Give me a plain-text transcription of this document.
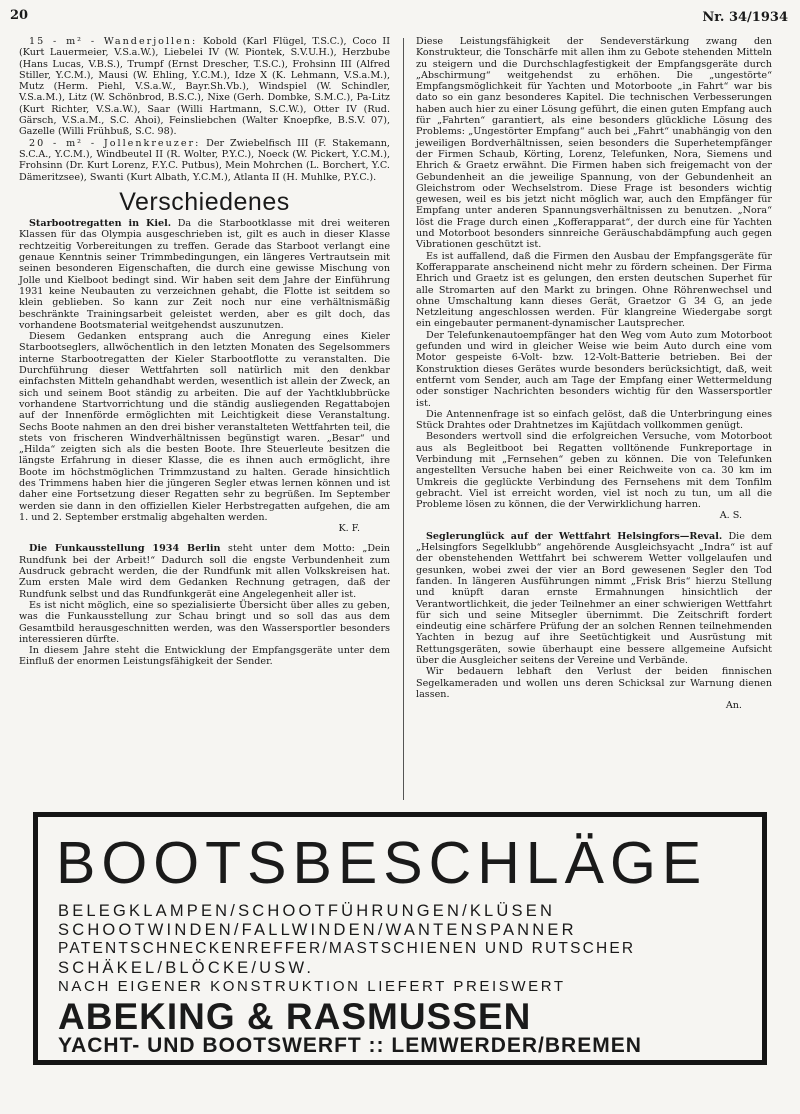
20	Nr. 34/1934

15 - m² - Wanderjollen: Kobold (Karl Flügel, T.S.C.), Coco II (Kurt Lauermeier, V.S.a.W.), Liebelei IV (W. Piontek, S.V.U.H.), Herzbube (Hans Lucas, V.B.S.), Trumpf (Ernst Drescher, T.S.C.), Frohsinn III (Alfred Stiller, Y.C.M.), Mausi (W. Ehling, Y.C.M.), Idze X (K. Lehmann, V.S.a.M.), Mutz (Herm. Piehl, V.S.a.W., Bayr.Sh.Vb.), Windspiel (W. Schindler, V.S.a.M.), Litz (W. Schönbrod, B.S.C.), Nixe (Gerh. Dombke, S.M.C.), Pa-Litz (Kurt Richter, V.S.a.W.), Saar (Willi Hartmann, S.C.W.), Otter IV (Rud. Gärsch, V.S.a.M., S.C. Ahoi), Feinsliebchen (Walter Knoepfke, B.S.V. 07), Gazelle (Willi Frühbuß, S.C. 98).

20 - m² - Jollenkreuzer: Der Zwiebelfisch III (F. Stakemann, S.C.A., Y.C.M.), Windbeutel II (R. Wolter, P.Y.C.), Noeck (W. Pickert, Y.C.M.), Frohsinn (Dr. Kurt Lorenz, F.Y.C. Putbus), Mein Mohrchen (L. Borchert, Y.C. Dämeritzsee), Swanti (Kurt Albath, Y.C.M.), Atlanta II (H. Muhlke, P.Y.C.).

Verschiedenes

Starbootregatten in Kiel. Da die Starbootklasse mit drei weiteren Klassen für das Olympia ausgeschrieben ist, gilt es auch in dieser Klasse rechtzeitig Vorbereitungen zu treffen. Gerade das Starboot verlangt eine genaue Kenntnis seiner Trimmbedingungen, ein längeres Vertrautsein mit seinen besonderen Eigenschaften, die durch eine gewisse Mischung von Jolle und Kielboot bedingt sind. Wir haben seit dem Jahre der Einführung 1931 keine Neubauten zu verzeichnen gehabt, die Flotte ist seitdem so klein geblieben. So kann zur Zeit noch nur eine verhältnismäßig beschränkte Trainingsarbeit geleistet werden, aber es gilt doch, das vorhandene Bootsmaterial weitgehendst auszunutzen.

Diesem Gedanken entsprang auch die Anregung eines Kieler Starbootseglers, allwöchentlich in den letzten Monaten des Segelsommers interne Starbootregatten der Kieler Starbootflotte zu veranstalten. Die Durchführung dieser Wettfahrten soll natürlich mit den denkbar einfachsten Mitteln gehandhabt werden, wesentlich ist allein der Zweck, an sich und seinem Boot ständig zu arbeiten. Die auf der Yachtklubbrücke vorhandene Startvorrichtung und die ständig ausliegenden Regattabojen auf der Innenförde ermöglichten mit Leichtigkeit diese Veranstaltung. Sechs Boote nahmen an den drei bisher veranstalteten Wettfahrten teil, die stets von frischeren Windverhältnissen begünstigt waren. „Besar“ und „Hilda“ zeigten sich als die besten Boote. Ihre Steuerleute besitzen die längste Erfahrung in dieser Klasse, die es ihnen auch ermöglicht, ihre Boote im höchstmöglichen Trimmzustand zu halten. Gerade hinsichtlich des Trimmens haben hier die jüngeren Segler etwas lernen können und ist daher eine Fortsetzung dieser Regatten sehr zu begrüßen. Im September werden sie dann in den offiziellen Kieler Herbstregatten aufgehen, die am 1. und 2. September erstmalig abgehalten werden.

K. F.

Die Funkausstellung 1934 Berlin steht unter dem Motto: „Dein Rundfunk bei der Arbeit!“ Dadurch soll die engste Verbundenheit zum Ausdruck gebracht werden, die der Rundfunk mit allen Volkskreisen hat. Zum ersten Male wird dem Gedanken Rechnung getragen, daß der Rundfunk selbst und das Rundfunkgerät eine Angelegenheit aller ist.

Es ist nicht möglich, eine so spezialisierte Übersicht über alles zu geben, was die Funkausstellung zur Schau bringt und so soll das aus dem Gesamtbild herausgeschnitten werden, was den Wassersportler besonders interessieren dürfte.

In diesem Jahre steht die Entwicklung der Empfangsgeräte unter dem Einfluß der enormen Leistungsfähigkeit der Sender.

Diese Leistungsfähigkeit der Sendeverstärkung zwang den Konstrukteur, die Tonschärfe mit allen ihm zu Gebote stehenden Mitteln zu steigern und die Durchschlagfestigkeit der Empfangsgeräte durch „Abschirmung“ weitgehendst zu erhöhen. Die „ungestörte“ Empfangsmöglichkeit für Yachten und Motorboote „in Fahrt“ war bis dato so ein ganz besonderes Kapitel. Die technischen Verbesserungen haben auch hier zu einer Lösung geführt, die einen guten Empfang auch für „Fahrten“ garantiert, als eine besonders glückliche Lösung des Problems: „Ungestörter Empfang“ auch bei „Fahrt“ unabhängig von den jeweiligen Bordverhältnissen, seien besonders die Superhetempfänger der Firmen Schaub, Körting, Lorenz, Telefunken, Nora, Siemens und Ehrich & Graetz erwähnt. Die Firmen haben sich freigemacht von der Gebundenheit an die jeweilige Spannung, von der Gebundenheit an Gleichstrom oder Wechselstrom. Diese Frage ist besonders wichtig gewesen, weil es bis jetzt nicht möglich war, auch den Empfänger für Empfang unter anderen Spannungsverhältnissen zu benutzen. „Nora“ löst die Frage durch einen „Kofferapparat“, der durch eine für Yachten und Motorboot besonders sinnreiche Geräuschabdämpfung auch gegen Vibrationen geschützt ist.

Es ist auffallend, daß die Firmen den Ausbau der Empfangsgeräte für Kofferapparate anscheinend nicht mehr zu fördern scheinen. Der Firma Ehrich und Graetz ist es gelungen, den ersten deutschen Superhet für alle Stromarten auf den Markt zu bringen. Ohne Röhrenwechsel und ohne Umschaltung kann dieses Gerät, Graetzor G 34 G, an jede Netzleitung angeschlossen werden. Für klangreine Wiedergabe sorgt ein eingebauter permanent-dynamischer Lautsprecher.

Der Telefunkenautoempfänger hat den Weg vom Auto zum Motorboot gefunden und wird in gleicher Weise wie beim Auto durch eine vom Motor gespeiste 6-Volt- bzw. 12-Volt-Batterie betrieben. Bei der Konstruktion dieses Gerätes wurde besonders berücksichtigt, daß, weit entfernt vom Sender, auch am Tage der Empfang einer Wettermeldung oder sonstiger Nachrichten besonders wichtig für den Wassersportler ist.

Die Antennenfrage ist so einfach gelöst, daß die Unterbringung eines Stück Drahtes oder Drahtnetzes im Kajütdach vollkommen genügt.

Besonders wertvoll sind die erfolgreichen Versuche, vom Motorboot aus als Begleitboot bei Regatten volltönende Funkreportage in Verbindung mit „Fernsehen“ geben zu können. Die von Telefunken angestellten Versuche haben bei einer Reichweite von ca. 30 km im Umkreis die geglückte Verbindung des Fernsehens mit dem Tonfilm gebracht. Viel ist erreicht worden, viel ist noch zu tun, um all die Probleme lösen zu können, die der Verwirklichung harren.

A. S.

Seglerunglück auf der Wettfahrt Helsingfors—Reval. Die dem „Helsingfors Segelklubb“ angehörende Ausgleichsyacht „Indra“ ist auf der obenstehenden Wettfahrt bei schwerem Wetter vollgelaufen und gesunken, wobei zwei der vier an Bord gewesenen Segler den Tod fanden. In längeren Ausführungen nimmt „Frisk Bris“ hierzu Stellung und knüpft daran ernste Ermahnungen hinsichtlich der Verantwortlichkeit, die jeder Teilnehmer an einer schwierigen Wettfahrt für sich und seine Mitsegler übernimmt. Die Zeitschrift fordert eindeutig eine schärfere Prüfung der an solchen Rennen teilnehmenden Yachten in bezug auf ihre Seetüchtigkeit und Ausrüstung mit Rettungsgeräten, sowie überhaupt eine bessere allgemeine Aufsicht über die Ausgleicher seitens der Vereine und Verbände.

Wir bedauern lebhaft den Verlust der beiden finnischen Segelkameraden und wollen uns deren Schicksal zur Warnung dienen lassen.

An.

BOOTSBESCHLÄGE
BELEGKLAMPEN/SCHOOTFÜHRUNGEN/KLÜSEN
SCHOOTWINDEN/FALLWINDEN/WANTENSPANNER
PATENTSCHNECKENREFFER/MASTSCHIENEN UND RUTSCHER
SCHÄKEL/BLÖCKE/USW.
NACH EIGENER KONSTRUKTION LIEFERT PREISWERT
ABEKING & RASMUSSEN
YACHT- UND BOOTSWERFT :: LEMWERDER/BREMEN
